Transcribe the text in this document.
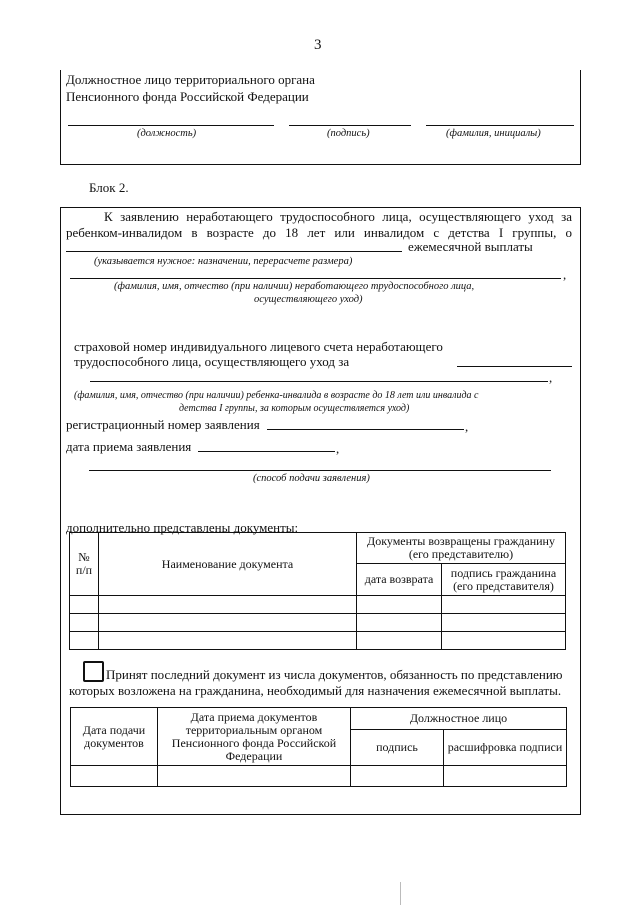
3
Должностное лицо территориального органа
Пенсионного фонда Российской Федерации
(должность)	(подпись)	(фамилия, инициалы)
Блок 2.
К заявлению неработающего трудоспособного лица, осуществляющего уход за
ребенком-инвалидом в возрасте до 18 лет или инвалидом с детства I группы, о
ежемесячной выплаты
(указывается нужное: назначении, перерасчете размера)
,
(фамилия, имя, отчество (при наличии) неработающего трудоспособного лица,
осуществляющего уход)
страховой номер индивидуального лицевого счета неработающего
трудоспособного лица, осуществляющего уход за
,
(фамилия, имя, отчество (при наличии) ребенка-инвалида в возрасте до 18 лет или инвалида с
детства I группы, за которым осуществляется уход)
регистрационный номер заявления	,
дата приема заявления	,
(способ подачи заявления)
дополнительно представлены документы:
№ п/п	Наименование документа	Документы возвращены гражданину (его представителю)	
		дата возврата	подпись гражданина (его представителя)

Принят последний документ из числа документов, обязанность по представлению
которых возложена на гражданина, необходимый для назначения ежемесячной выплаты.
Дата подачи документов	Дата приема документов территориальным органом Пенсионного фонда Российской Федерации	Должностное лицо	
		подпись	расшифровка подписи
